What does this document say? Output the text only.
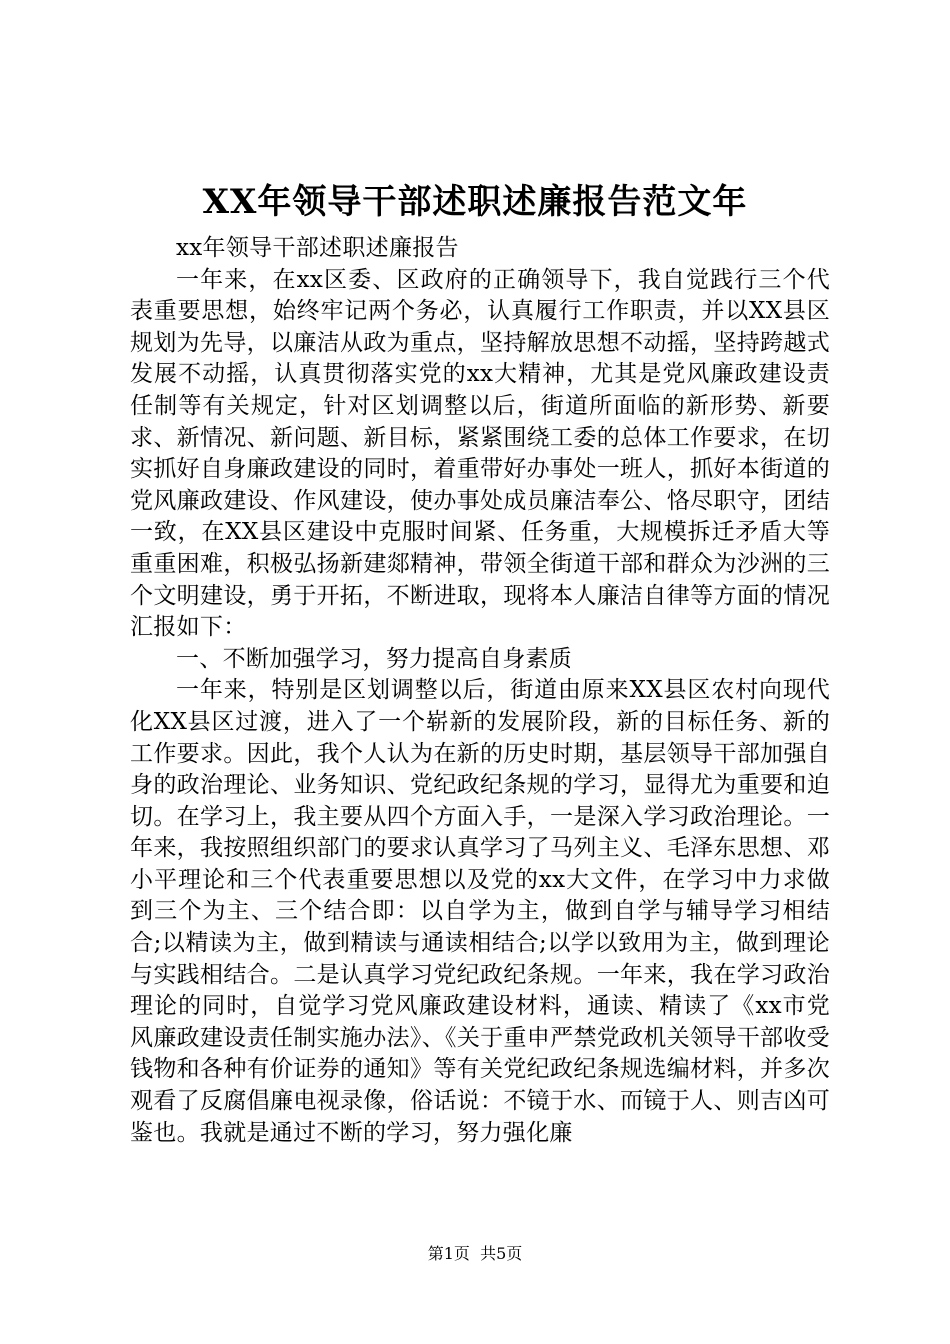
XX年领导干部述职述廉报告范文年

xx年领导干部述职述廉报告

一年来，在xx区委、区政府的正确领导下，我自觉践行三个代表重要思想，始终牢记两个务必，认真履行工作职责，并以XX县区规划为先导，以廉洁从政为重点，坚持解放思想不动摇，坚持跨越式发展不动摇，认真贯彻落实党的xx大精神，尤其是党风廉政建设责任制等有关规定，针对区划调整以后，街道所面临的新形势、新要求、新情况、新问题、新目标，紧紧围绕工委的总体工作要求，在切实抓好自身廉政建设的同时，着重带好办事处一班人，抓好本街道的党风廉政建设、作风建设，使办事处成员廉洁奉公、恪尽职守，团结一致，在XX县区建设中克服时间紧、任务重，大规模拆迁矛盾大等重重困难，积极弘扬新建郯精神，带领全街道干部和群众为沙洲的三个文明建设，勇于开拓，不断进取，现将本人廉洁自律等方面的情况汇报如下：

一、不断加强学习，努力提高自身素质

一年来，特别是区划调整以后，街道由原来XX县区农村向现代化XX县区过渡，进入了一个崭新的发展阶段，新的目标任务、新的工作要求。因此，我个人认为在新的历史时期，基层领导干部加强自身的政治理论、业务知识、党纪政纪条规的学习，显得尤为重要和迫切。在学习上，我主要从四个方面入手，一是深入学习政治理论。一年来，我按照组织部门的要求认真学习了马列主义、毛泽东思想、邓小平理论和三个代表重要思想以及党的xx大文件，在学习中力求做到三个为主、三个结合即：以自学为主，做到自学与辅导学习相结合;以精读为主，做到精读与通读相结合;以学以致用为主，做到理论与实践相结合。二是认真学习党纪政纪条规。一年来，我在学习政治理论的同时，自觉学习党风廉政建设材料，通读、精读了《xx市党风廉政建设责任制实施办法》、《关于重申严禁党政机关领导干部收受钱物和各种有价证券的通知》等有关党纪政纪条规选编材料，并多次观看了反腐倡廉电视录像，俗话说：不镜于水、而镜于人、则吉凶可鉴也。我就是通过不断的学习，努力强化廉

第1页  共5页
